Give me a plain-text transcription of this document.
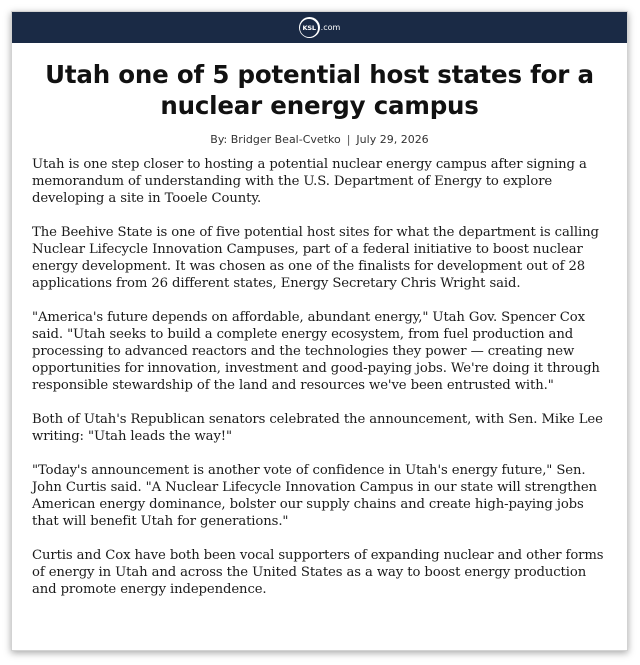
KSL .com
Utah one of 5 potential host states for a nuclear energy campus
By: Bridger Beal-Cvetko | July 29, 2026

Utah is one step closer to hosting a potential nuclear energy campus after signing a memorandum of understanding with the U.S. Department of Energy to explore developing a site in Tooele County.

The Beehive State is one of five potential host sites for what the department is calling Nuclear Lifecycle Innovation Campuses, part of a federal initiative to boost nuclear energy development. It was chosen as one of the finalists for development out of 28 applications from 26 different states, Energy Secretary Chris Wright said.

"America's future depends on affordable, abundant energy," Utah Gov. Spencer Cox said. "Utah seeks to build a complete energy ecosystem, from fuel production and processing to advanced reactors and the technologies they power — creating new opportunities for innovation, investment and good-paying jobs. We're doing it through responsible stewardship of the land and resources we've been entrusted with."

Both of Utah's Republican senators celebrated the announcement, with Sen. Mike Lee writing: "Utah leads the way!"

"Today's announcement is another vote of confidence in Utah's energy future," Sen. John Curtis said. "A Nuclear Lifecycle Innovation Campus in our state will strengthen American energy dominance, bolster our supply chains and create high-paying jobs that will benefit Utah for generations."

Curtis and Cox have both been vocal supporters of expanding nuclear and other forms of energy in Utah and across the United States as a way to boost energy production and promote energy independence.
